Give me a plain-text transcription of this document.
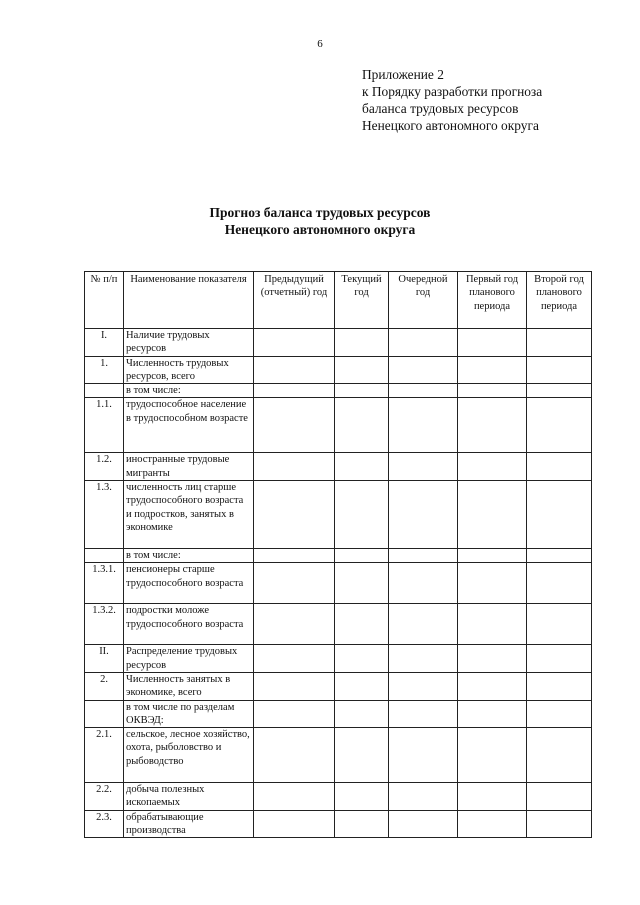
6
Приложение 2
к Порядку разработки прогноза
баланса трудовых ресурсов
Ненецкого автономного округа
Прогноз баланса трудовых ресурсов
Ненецкого автономного округа
№ п/п	Наименование показателя	Предыдущий (отчетный) год	Текущий год	Очередной год	Первый год планового периода	Второй год планового периода
I.	Наличие трудовых ресурсов					
1.	Численность трудовых ресурсов, всего					
	в том числе:					
1.1.	трудоспособное население в трудоспособном возрасте					
1.2.	иностранные трудовые мигранты					
1.3.	численность лиц старше трудоспособного возраста и подростков, занятых в экономике					
	в том числе:					
1.3.1.	пенсионеры старше трудоспособного возраста					
1.3.2.	подростки моложе трудоспособного возраста					
II.	Распределение трудовых ресурсов					
2.	Численность занятых в экономике, всего					
	в том числе по разделам ОКВЭД:					
2.1.	сельское, лесное хозяйство, охота, рыболовство и рыбоводство					
2.2.	добыча полезных ископаемых					
2.3.	обрабатывающие производства					
